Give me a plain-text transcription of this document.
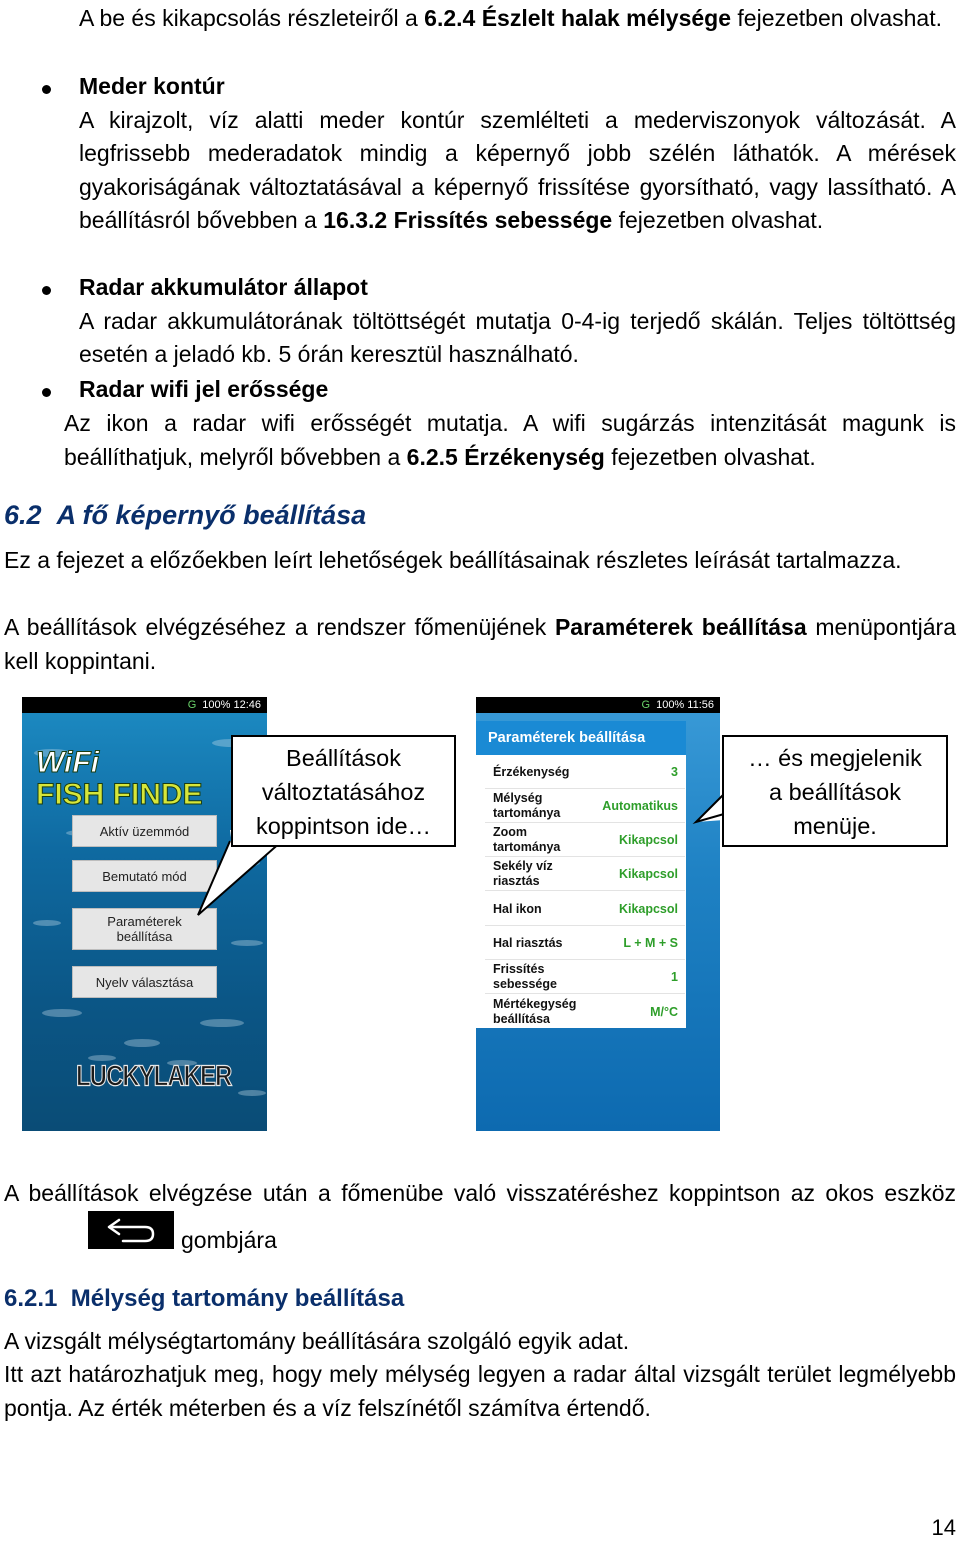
A be és kikapcsolás részleteiről a 6.2.4 Észlelt halak mélysége fejezetben olvashat.
Meder kontúr
A kirajzolt, víz alatti meder kontúr szemlélteti a mederviszonyok változását. A legfrissebb mederadatok mindig a képernyő jobb szélén láthatók. A mérések gyakoriságának változtatásával a képernyő frissítése gyorsítható, vagy lassítható. A beállításról bővebben a 16.3.2 Frissítés sebessége fejezetben olvashat.
Radar akkumulátor állapot
A radar akkumulátorának töltöttségét mutatja 0-4-ig terjedő skálán. Teljes töltöttség esetén a jeladó kb. 5 órán keresztül használható.
Radar wifi jel erőssége
Az ikon a radar wifi erősségét mutatja. A wifi sugárzás intenzitását magunk is beállíthatjuk, melyről bővebben a 6.2.5 Érzékenység fejezetben olvashat.
6.2 A fő képernyő beállítása
Ez a fejezet a előzőekben leírt lehetőségek beállításainak részletes leírását tartalmazza.
A beállítások elvégzéséhez a rendszer főmenüjének Paraméterek beállítása menüpontjára kell koppintani.
G 100% 12:46
WiFi
FISH FINDE
Aktív üzemmód
Bemutató mód
Paraméterek beállítása
Nyelv választása
LUCKYLAKER
Beállítások változtatásához koppintson ide…
G 100% 11:56
Paraméterek beállítása
Érzékenység	3
Mélység tartománya	Automatikus
Zoom tartománya	Kikapcsol
Sekély víz riasztás	Kikapcsol
Hal ikon	Kikapcsol
Hal riasztás	L + M + S
Frissítés sebessége	1
Mértékegység beállítása	M/°C
… és megjelenik a beállítások menüje.
A beállítások elvégzése után a főmenübe való visszatéréshez koppintson az okos eszköz

gombjára
6.2.1 Mélység tartomány beállítása
A vizsgált mélységtartomány beállítására szolgáló egyik adat.
Itt azt határozhatjuk meg, hogy mely mélység legyen a radar által vizsgált terület legmélyebb pontja. Az érték méterben és a víz felszínétől számítva értendő.
14
